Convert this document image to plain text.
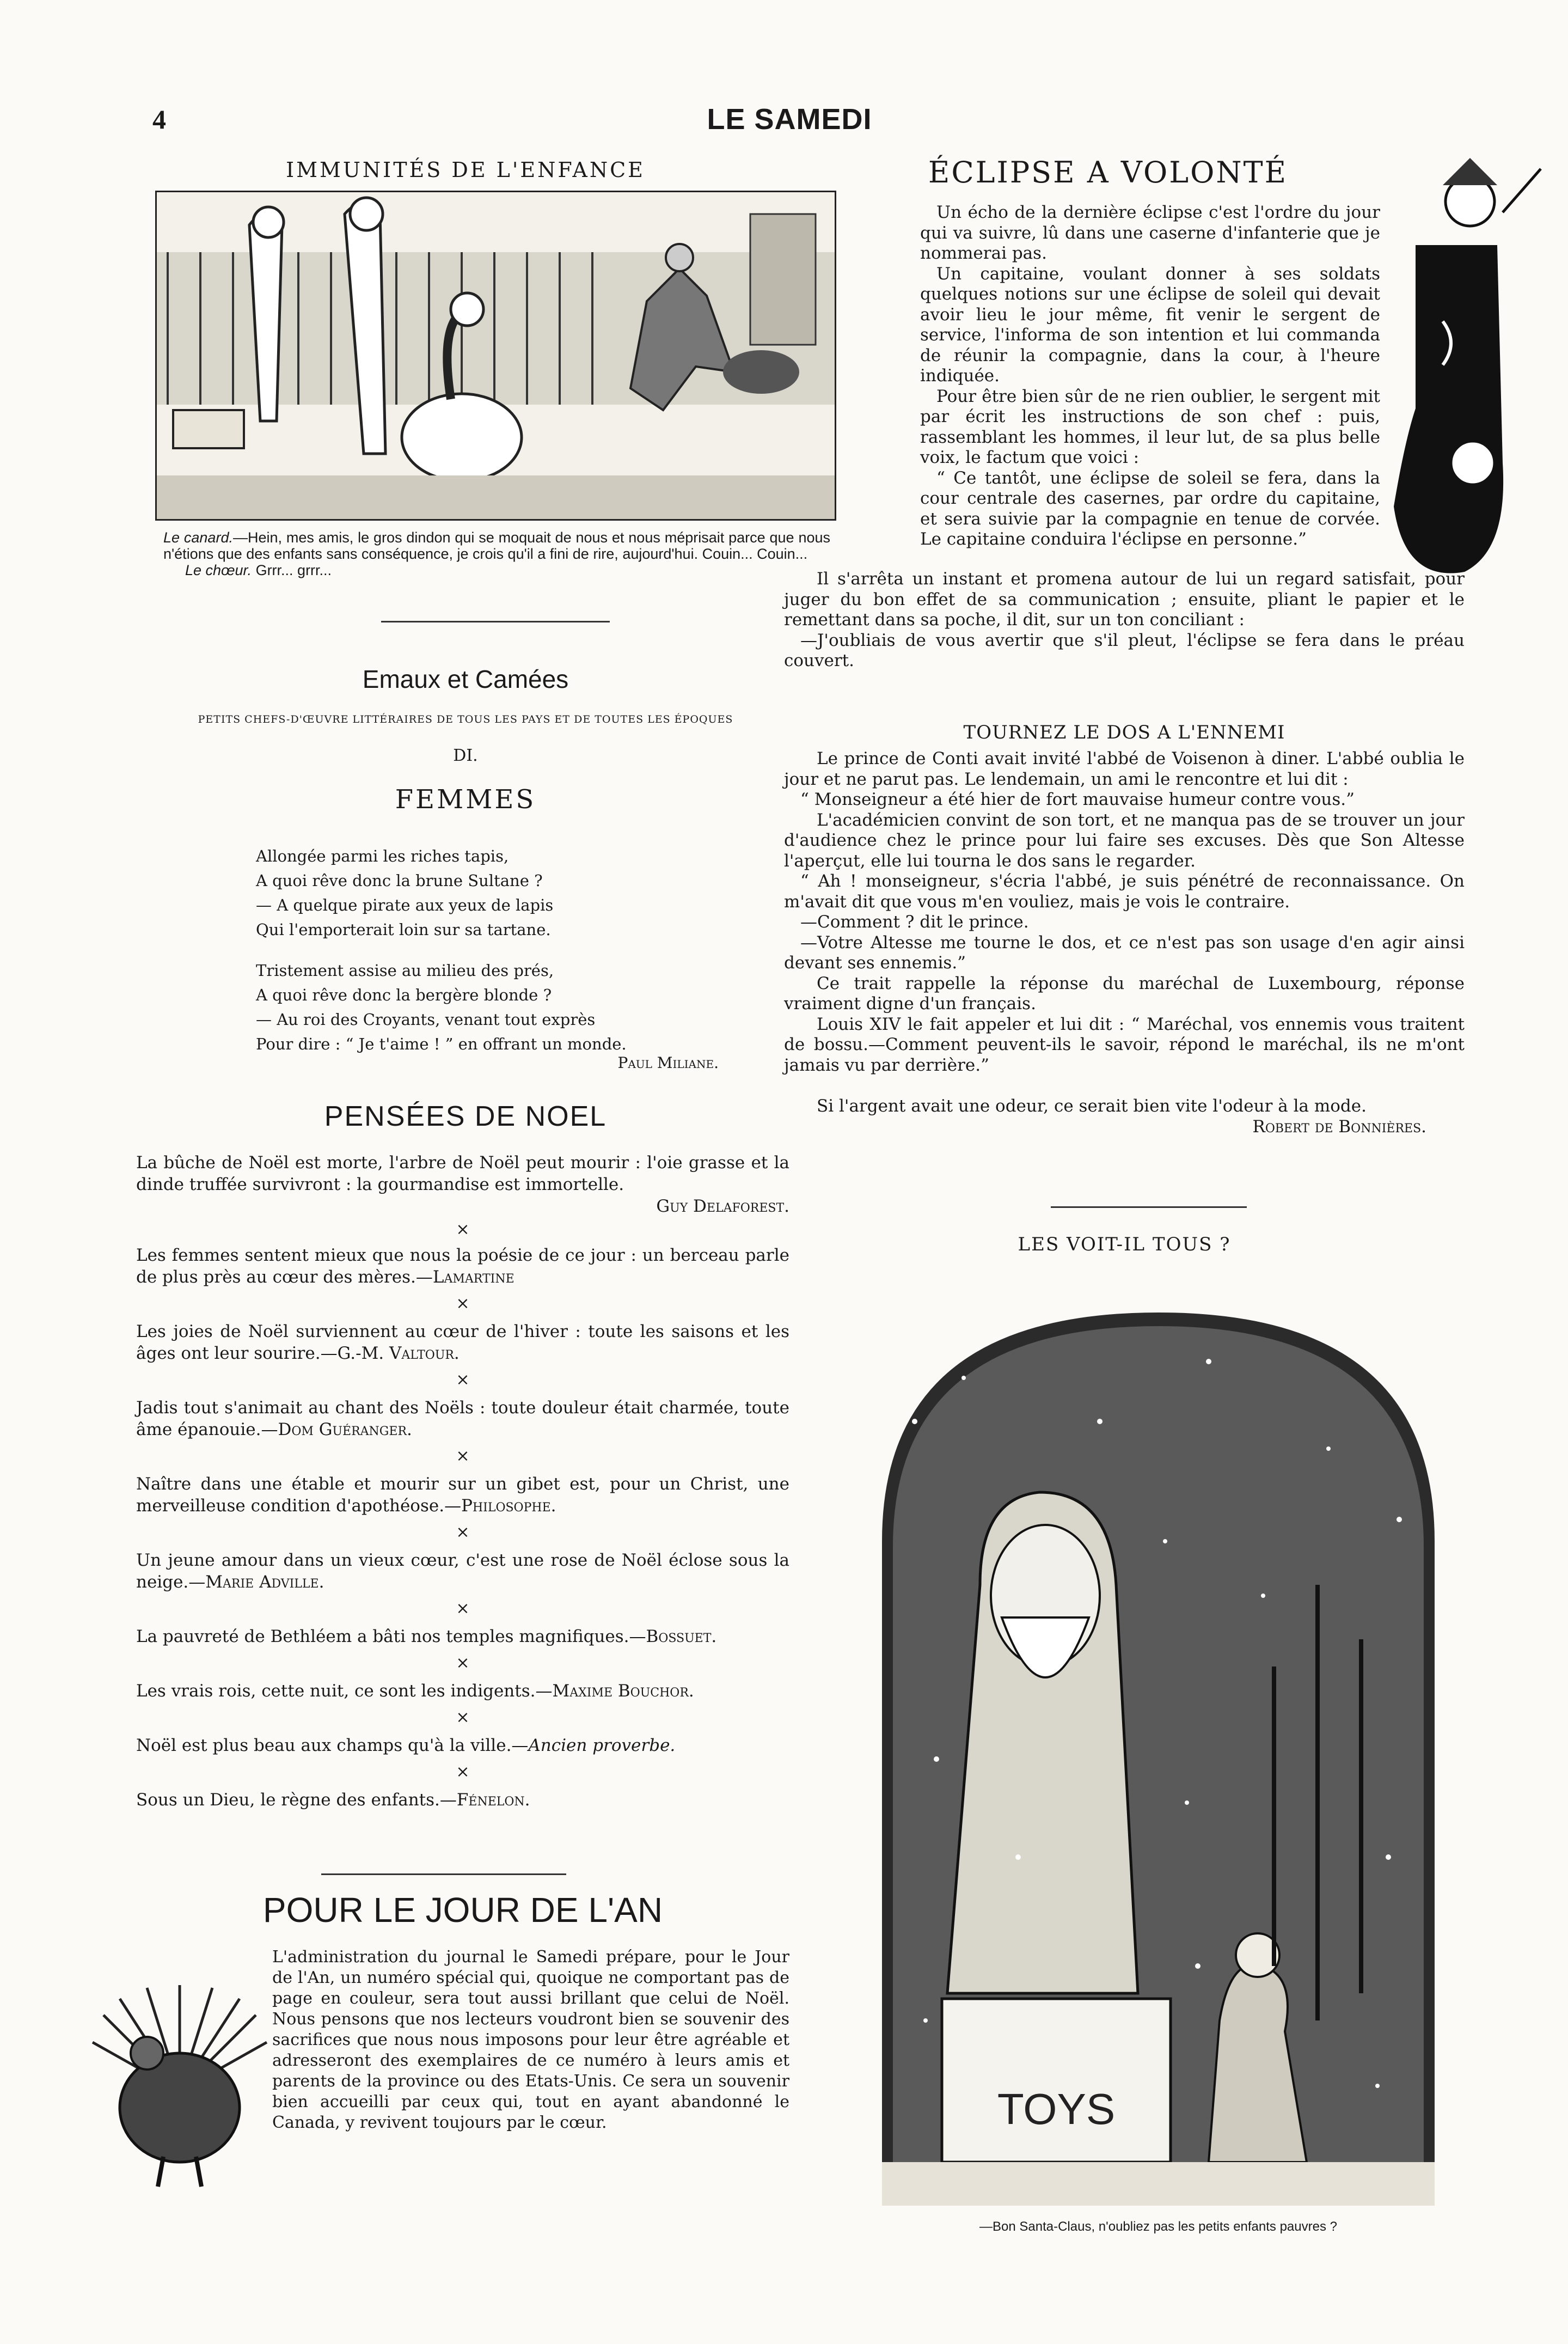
4	LE SAMEDI
IMMUNITÉS DE L'ENFANCE
Le canard.—Hein, mes amis, le gros dindon qui se moquait de nous et nous méprisait parce que nous n'étions que des enfants sans conséquence, je crois qu'il a fini de rire, aujourd'hui. Couin... Couin...
Le chœur. Grrr... grrr...
Emaux et Camées
PETITS CHEFS-D'ŒUVRE LITTÉRAIRES DE TOUS LES PAYS ET DE TOUTES LES ÉPOQUES
DI.
FEMMES

Allongée parmi les riches tapis,

A quoi rêve donc la brune Sultane ?

— A quelque pirate aux yeux de lapis

Qui l'emporterait loin sur sa tartane.

Tristement assise au milieu des prés,

A quoi rêve donc la bergère blonde ?

— Au roi des Croyants, venant tout exprès

Pour dire : “ Je t'aime ! ” en offrant un monde.

Paul Miliane.
PENSÉES DE NOEL
La bûche de Noël est morte, l'arbre de Noël peut mourir : l'oie grasse et la dinde truffée survivront : la gourmandise est immortelle.
Guy Delaforest.
×
Les femmes sentent mieux que nous la poésie de ce jour : un berceau parle de plus près au cœur des mères.—Lamartine
×
Les joies de Noël surviennent au cœur de l'hiver : toute les saisons et les âges ont leur sourire.—G.-M. Valtour.
×
Jadis tout s'animait au chant des Noëls : toute douleur était charmée, toute âme épanouie.—Dom Guéranger.
×
Naître dans une étable et mourir sur un gibet est, pour un Christ, une merveilleuse condition d'apothéose.—Philosophe.
×
Un jeune amour dans un vieux cœur, c'est une rose de Noël éclose sous la neige.—Marie Adville.
×
La pauvreté de Bethléem a bâti nos temples magnifiques.—Bossuet.
×
Les vrais rois, cette nuit, ce sont les indigents.—Maxime Bouchor.
×
Noël est plus beau aux champs qu'à la ville.—Ancien proverbe.
×
Sous un Dieu, le règne des enfants.—Fénelon.
POUR LE JOUR DE L'AN
L'administration du journal le Samedi prépare, pour le Jour de l'An, un numéro spécial qui, quoique ne comportant pas de page en couleur, sera tout aussi brillant que celui de Noël. Nous pensons que nos lecteurs voudront bien se souvenir des sacrifices que nous nous imposons pour leur être agréable et adresseront des exemplaires de ce numéro à leurs amis et parents de la province ou des Etats-Unis. Ce sera un souvenir bien accueilli par ceux qui, tout en ayant abandonné le Canada, y revivent toujours par le cœur.
ÉCLIPSE A VOLONTÉ
Un écho de la dernière éclipse c'est l'ordre du jour qui va suivre, lû dans une caserne d'infanterie que je nommerai pas.
Un capitaine, voulant donner à ses soldats quelques notions sur une éclipse de soleil qui devait avoir lieu le jour même, fit venir le sergent de service, l'informa de son intention et lui commanda de réunir la compagnie, dans la cour, à l'heure indiquée.
Pour être bien sûr de ne rien oublier, le sergent mit par écrit les instructions de son chef : puis, rassemblant les hommes, il leur lut, de sa plus belle voix, le factum que voici :
“ Ce tantôt, une éclipse de soleil se fera, dans la cour centrale des casernes, par ordre du capitaine, et sera suivie par la compagnie en tenue de corvée. Le capitaine conduira l'éclipse en personne.”
Il s'arrêta un instant et promena autour de lui un regard satisfait, pour juger du bon effet de sa communication ; ensuite, pliant le papier et le remettant dans sa poche, il dit, sur un ton conciliant :
—J'oubliais de vous avertir que s'il pleut, l'éclipse se fera dans le préau couvert.
TOURNEZ LE DOS A L'ENNEMI
Le prince de Conti avait invité l'abbé de Voisenon à diner. L'abbé oublia le jour et ne parut pas. Le lendemain, un ami le rencontre et lui dit :
“ Monseigneur a été hier de fort mauvaise humeur contre vous.”
L'académicien convint de son tort, et ne manqua pas de se trouver un jour d'audience chez le prince pour lui faire ses excuses. Dès que Son Altesse l'aperçut, elle lui tourna le dos sans le regarder.
“ Ah ! monseigneur, s'écria l'abbé, je suis pénétré de reconnaissance. On m'avait dit que vous m'en vouliez, mais je vois le contraire.
—Comment ? dit le prince.
—Votre Altesse me tourne le dos, et ce n'est pas son usage d'en agir ainsi devant ses ennemis.”
Ce trait rappelle la réponse du maréchal de Luxembourg, réponse vraiment digne d'un français.
Louis XIV le fait appeler et lui dit : “ Maréchal, vos ennemis vous traitent de bossu.—Comment peuvent-ils le savoir, répond le maréchal, ils ne m'ont jamais vu par derrière.”
Si l'argent avait une odeur, ce serait bien vite l'odeur à la mode.
Robert de Bonnières.
LES VOIT-IL TOUS ?
TOYS
—Bon Santa-Claus, n'oubliez pas les petits enfants pauvres ?
